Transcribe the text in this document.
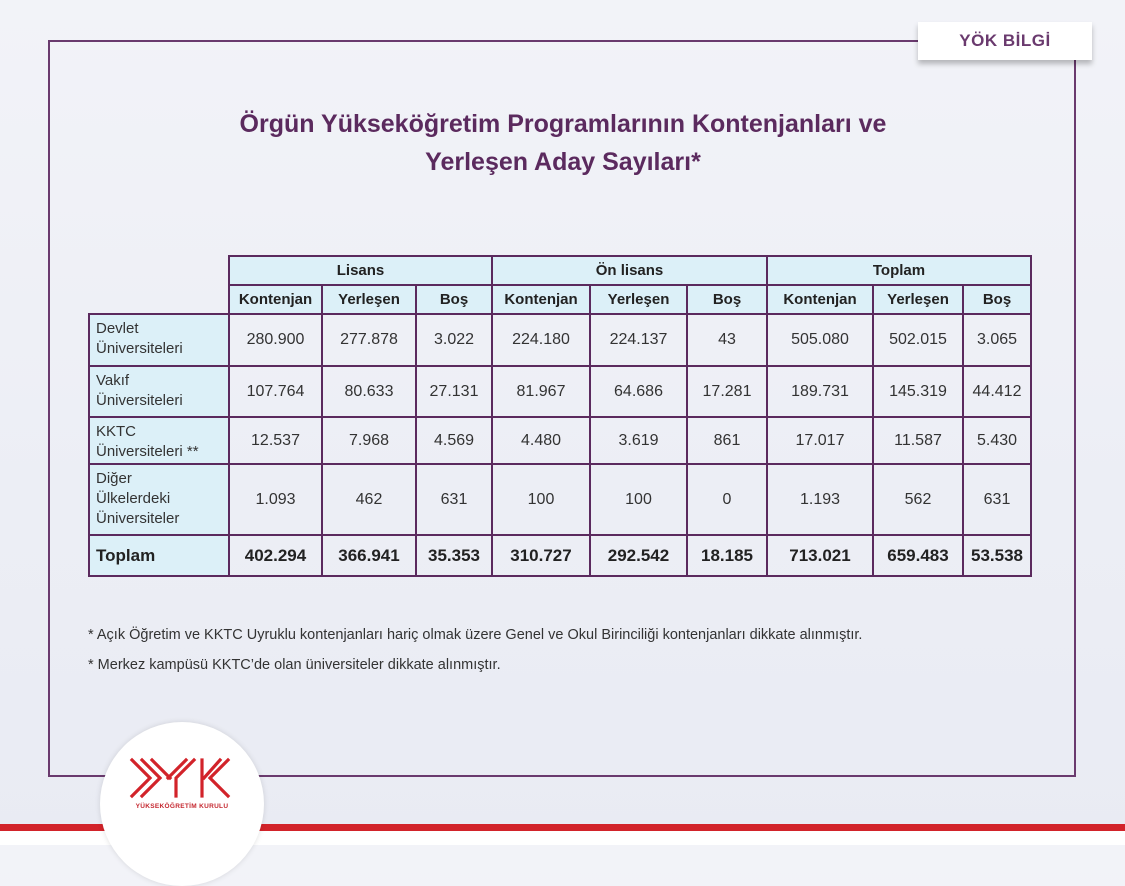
YÖK BİLGİ
Örgün Yükseköğretim Programlarının Kontenjanları ve
Yerleşen Aday Sayıları*
	Lisans			Ön lisans			Toplam		
	Kontenjan	Yerleşen	Boş	Kontenjan	Yerleşen	Boş	Kontenjan	Yerleşen	Boş
Devlet
Üniversiteleri	280.900	277.878	3.022	224.180	224.137	43	505.080	502.015	3.065
Vakıf
Üniversiteleri	107.764	80.633	27.131	81.967	64.686	17.281	189.731	145.319	44.412
KKTC
Üniversiteleri **	12.537	7.968	4.569	4.480	3.619	861	17.017	11.587	5.430
Diğer
Ülkelerdeki
Üniversiteler	1.093	462	631	100	100	0	1.193	562	631
Toplam	402.294	366.941	35.353	310.727	292.542	18.185	713.021	659.483	53.538
* Açık Öğretim ve KKTC Uyruklu kontenjanları hariç olmak üzere Genel ve Okul Birinciliği kontenjanları dikkate alınmıştır.
* Merkez kampüsü KKTC’de olan üniversiteler dikkate alınmıştır.
YÜKSEKÖĞRETİM KURULU
